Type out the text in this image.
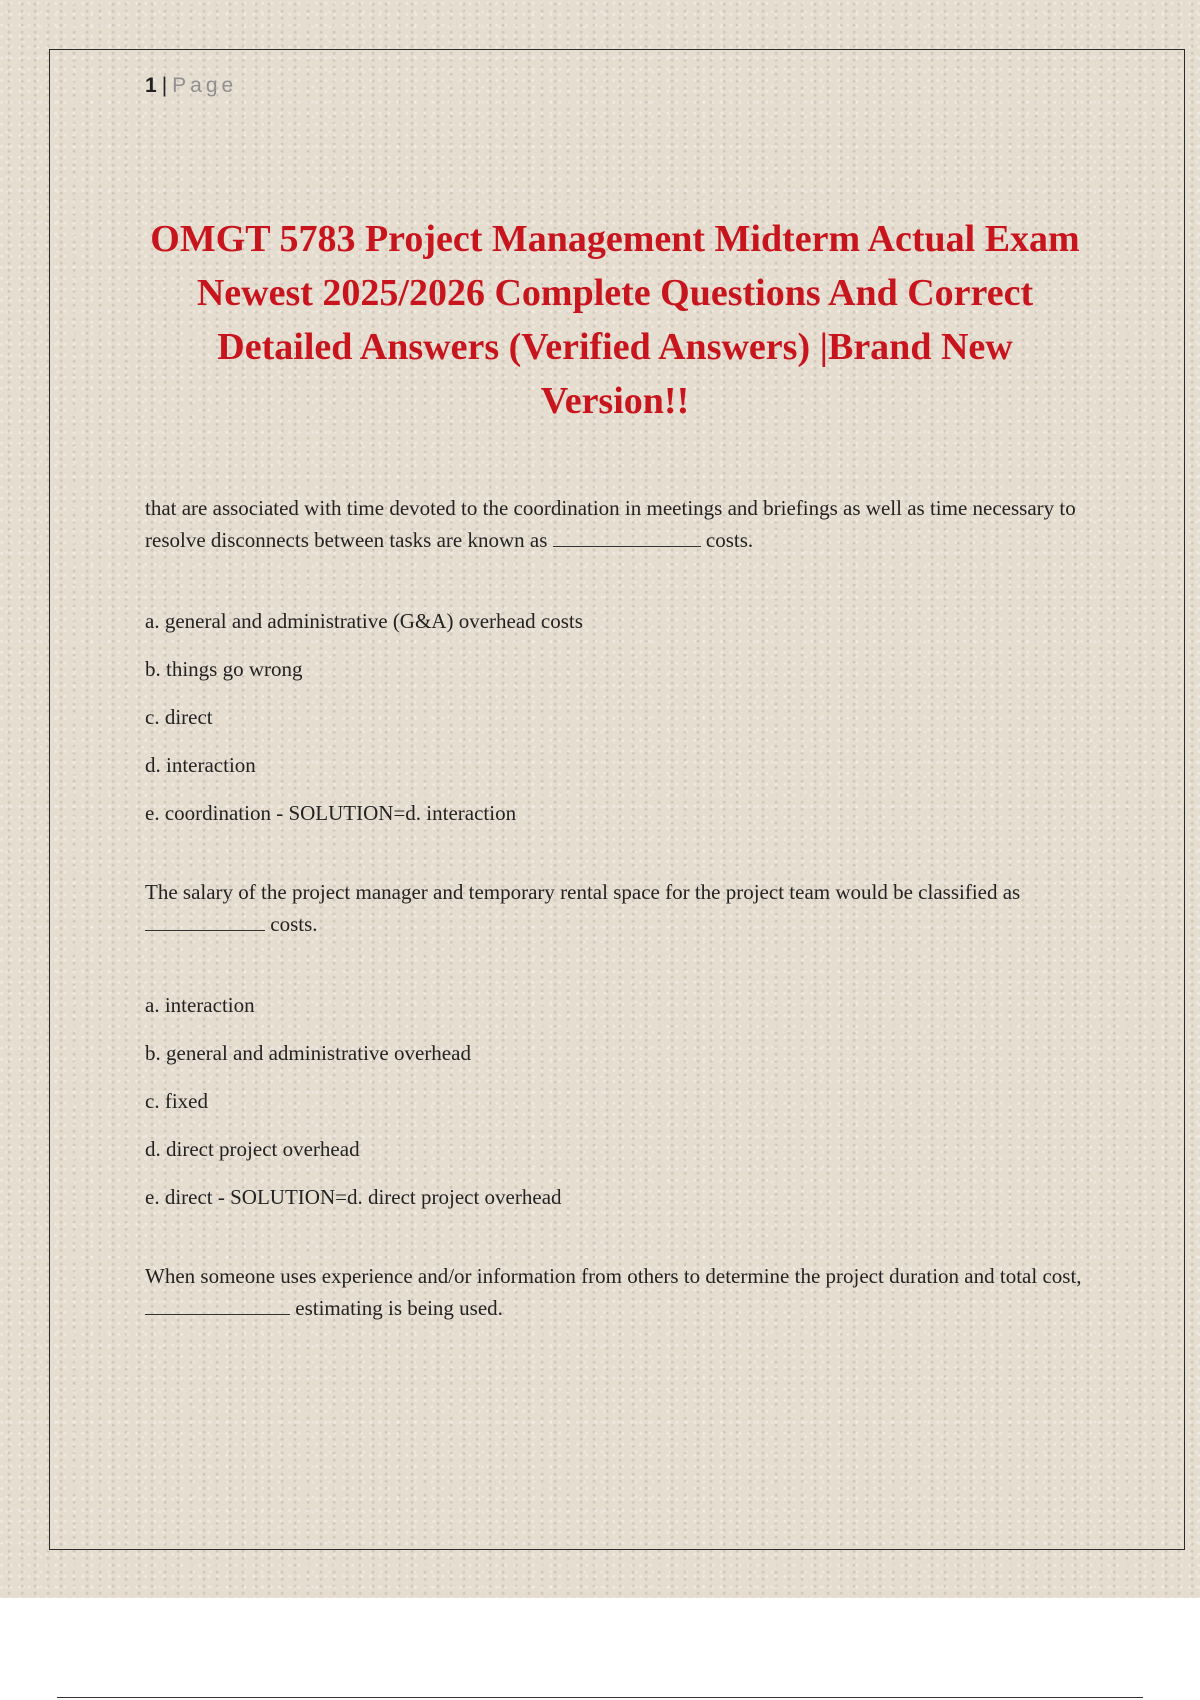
1 | Page
OMGT 5783 Project Management Midterm Actual Exam Newest 2025/2026 Complete Questions And Correct Detailed Answers (Verified Answers) |Brand New Version!!

that are associated with time devoted to the coordination in meetings and briefings as well as time necessary to resolve disconnects between tasks are known as	costs.

a. general and administrative (G&A) overhead costs
b. things go wrong
c. direct
d. interaction
e. coordination - SOLUTION=d. interaction

The salary of the project manager and temporary rental space for the project team would be classified as  costs.

a. interaction
b. general and administrative overhead
c. fixed
d. direct project overhead
e. direct - SOLUTION=d. direct project overhead

When someone uses experience and/or information from others to determine the project duration and total cost,  estimating is being used.
